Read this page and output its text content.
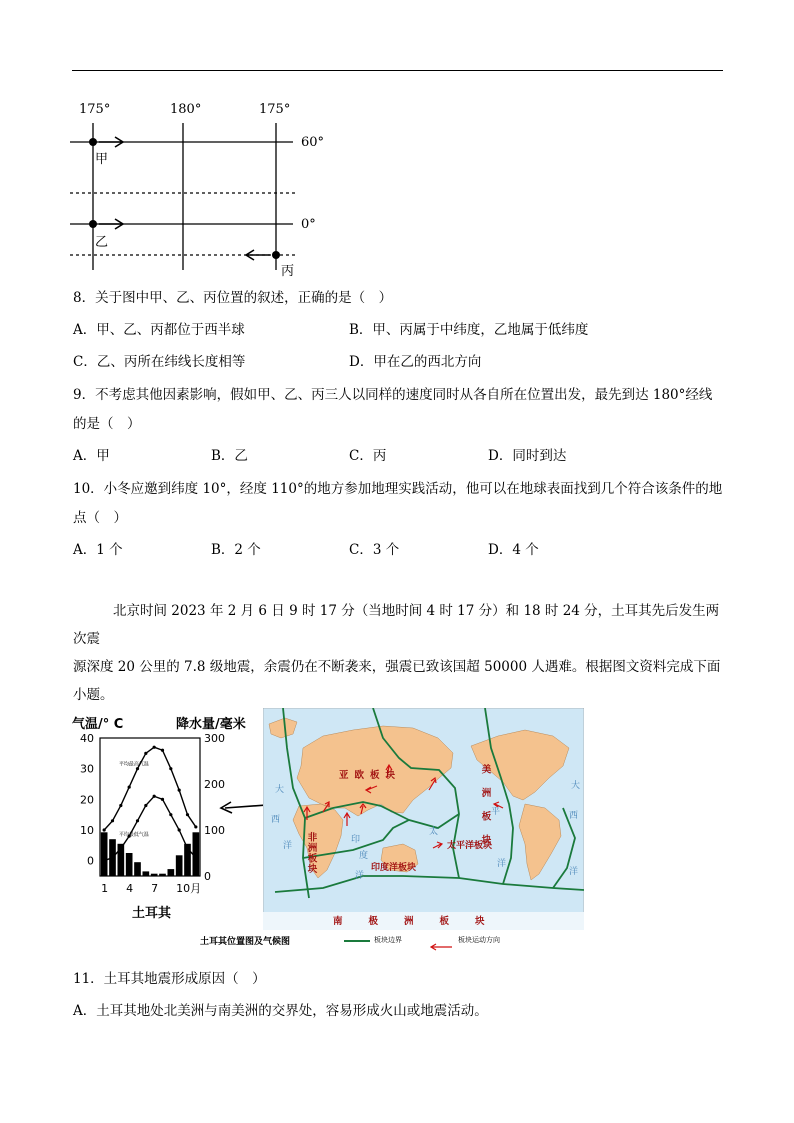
175°	180°	175°
60°
0°
甲
乙
丙
8．关于图中甲、乙、丙位置的叙述，正确的是（　）
A．甲、乙、丙都位于西半球	B．甲、丙属于中纬度，乙地属于低纬度
C．乙、丙所在纬线长度相等	D．甲在乙的西北方向
9．不考虑其他因素影响，假如甲、乙、丙三人以同样的速度同时从各自所在位置出发，最先到达 180°经线
的是（　）
A．甲	B．乙	C．丙	D．同时到达
10．小冬应邀到纬度 10°，经度 110°的地方参加地理实践活动，他可以在地球表面找到几个符合该条件的地
点（　）
A．1 个	B．2 个	C．3 个	D．4 个
北京时间 2023 年 2 月 6 日 9 时 17 分（当地时间 4 时 17 分）和 18 时 24 分，土耳其先后发生两次震
源深度 20 公里的 7.8 级地震，余震仍在不断袭来，强震已致该国超 50000 人遇难。根据图文资料完成下面
小题。
气温/° C	降水量/毫米
40
30
20
10
0
300
200
100
0
1 4 7 10月
平均最高气温
平均最低气温
土耳其
亚欧板块	美洲板块
非洲板块	印度洋板块
太平洋板块
南极洲板块
大
西
洋
太
平
洋
大
西
洋
印
度
洋
土耳其位置图及气候图	板块边界	板块运动方向
11．土耳其地震形成原因（　）
A．土耳其地处北美洲与南美洲的交界处，容易形成火山或地震活动。
